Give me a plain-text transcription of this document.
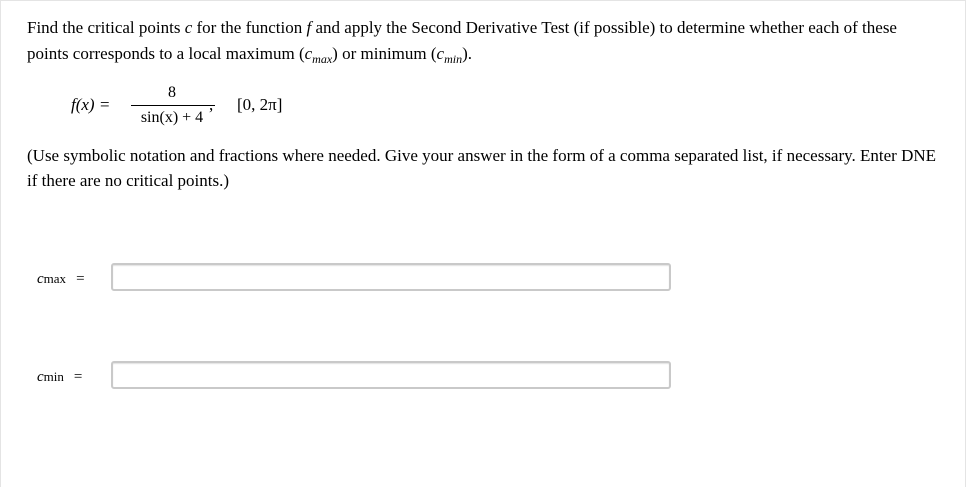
Find the critical points c for the function f and apply the Second Derivative Test (if possible) to determine whether each of these points corresponds to a local maximum $(c_{max})$ or minimum $(c_{min})$.

f(x) =
8
sin(x) + 4
, [0, 2π]

(Use symbolic notation and fractions where needed. Give your answer in the form of a comma separated list, if necessary. Enter DNE if there are no critical points.)

cmax =
cmin =
